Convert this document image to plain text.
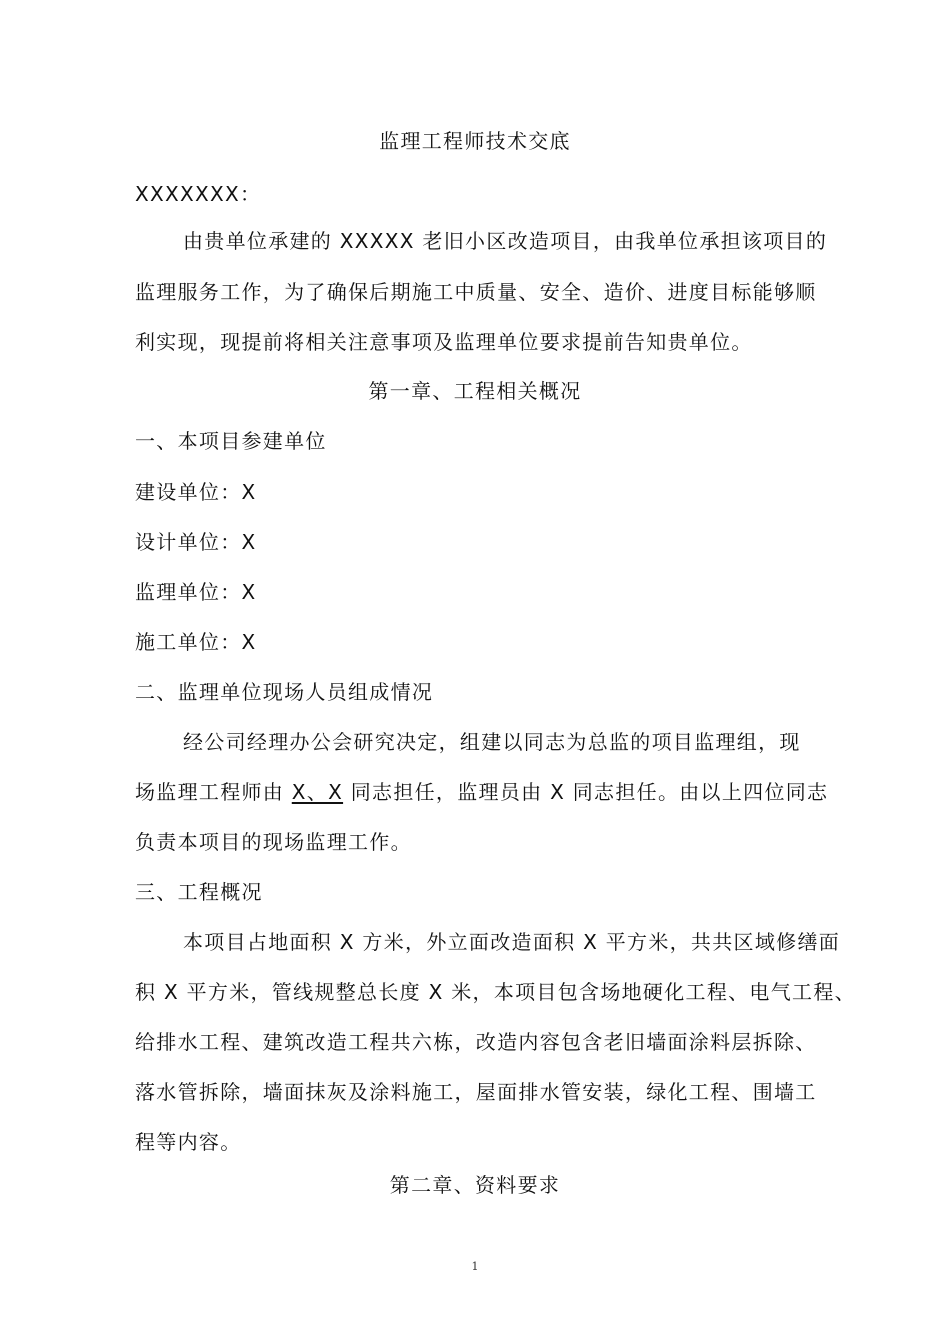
监理工程师技术交底
XXXXXXX：
由贵单位承建的 XXXXX 老旧小区改造项目，由我单位承担该项目的
监理服务工作，为了确保后期施工中质量、安全、造价、进度目标能够顺
利实现，现提前将相关注意事项及监理单位要求提前告知贵单位。
第一章、工程相关概况
一、本项目参建单位
建设单位：X
设计单位：X
监理单位：X
施工单位：X
二、监理单位现场人员组成情况
经公司经理办公会研究决定，组建以同志为总监的项目监理组，现
场监理工程师由 X、X 同志担任，监理员由 X 同志担任。由以上四位同志
负责本项目的现场监理工作。
三、工程概况
本项目占地面积 X 方米，外立面改造面积 X 平方米，共共区域修缮面
积 X 平方米，管线规整总长度 X 米，本项目包含场地硬化工程、电气工程、
给排水工程、建筑改造工程共六栋，改造内容包含老旧墙面涂料层拆除、
落水管拆除，墙面抹灰及涂料施工，屋面排水管安装，绿化工程、围墙工
程等内容。
第二章、资料要求
1
